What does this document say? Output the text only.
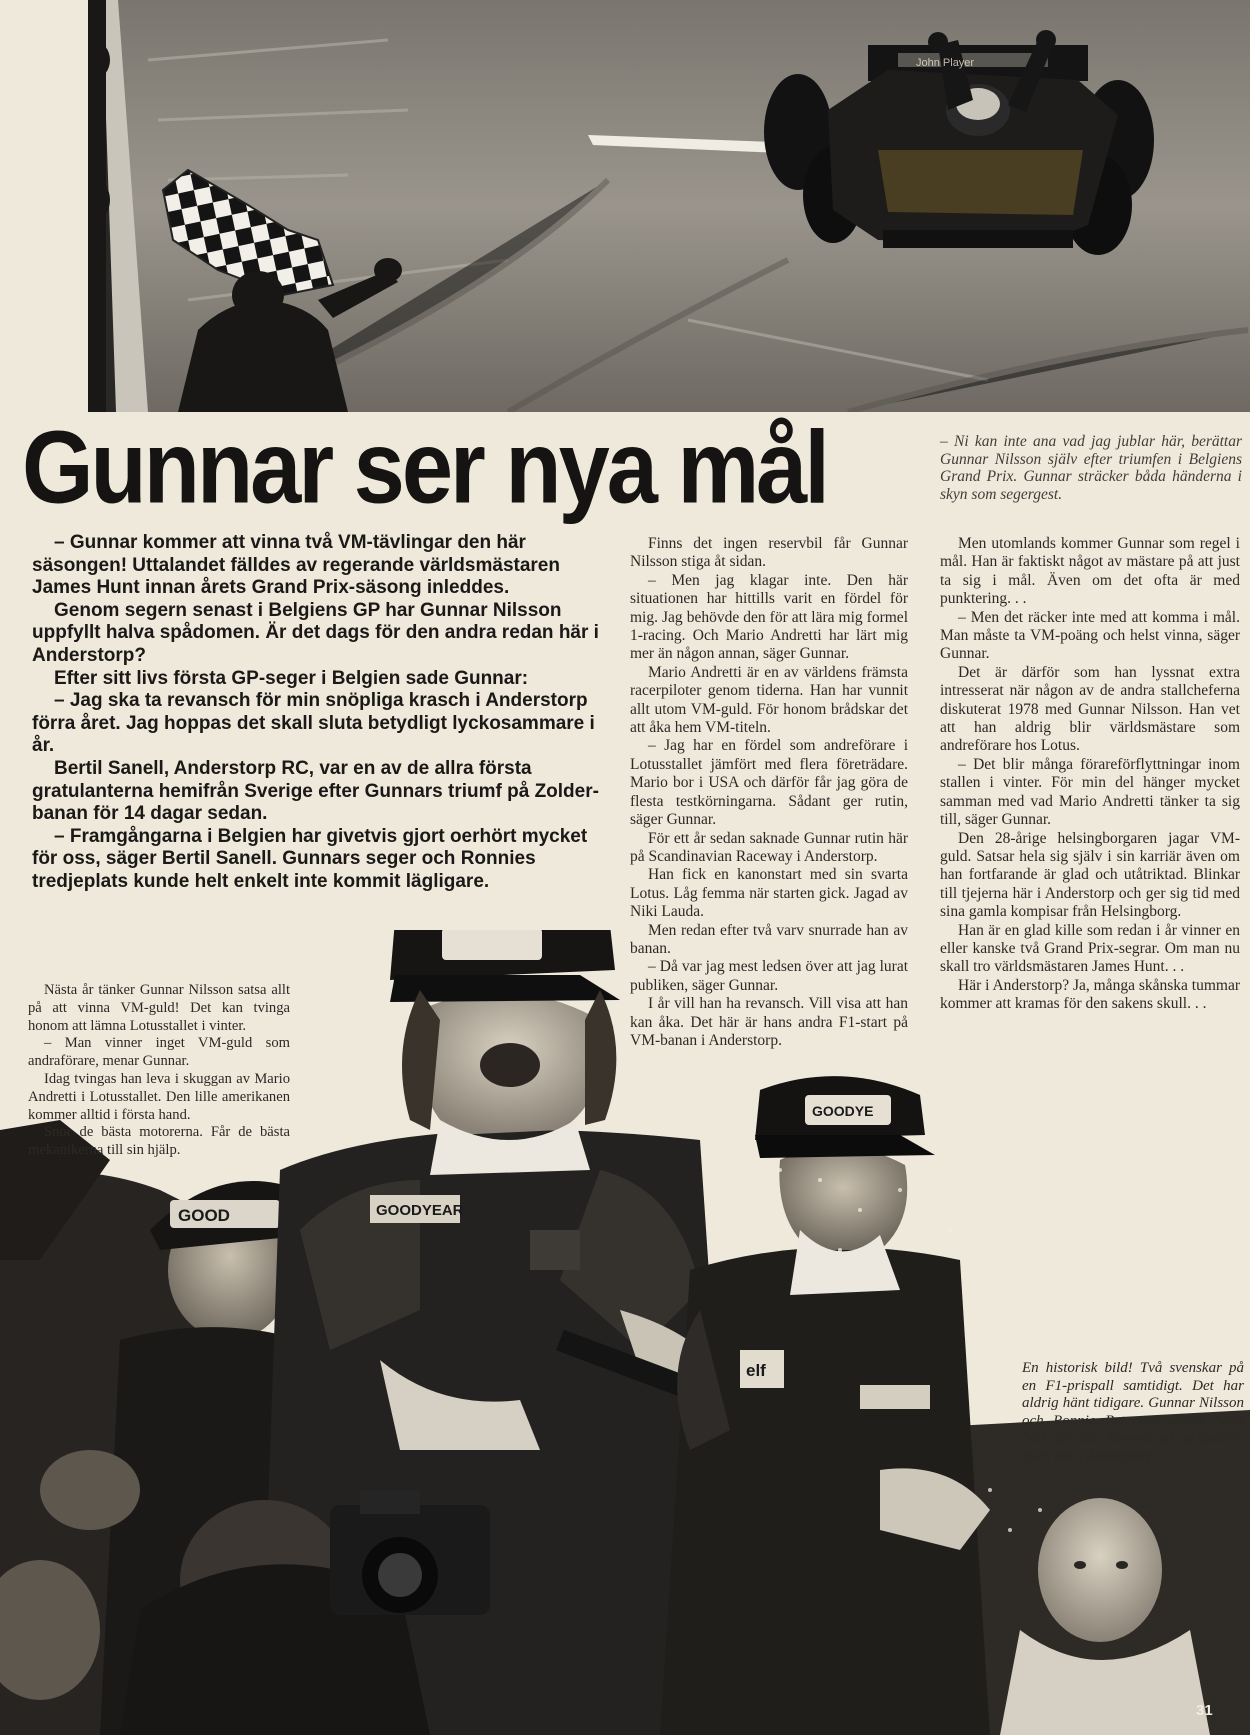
John Player
Gunnar ser nya mål	– Ni kan inte ana vad jag jublar här, berättar Gunnar Nilsson själv efter triumfen i Belgiens Grand Prix. Gunnar sträcker båda händerna i skyn som segergest.

GOOD	GOODYEAR
GOODYE
elf

– Gunnar kommer att vinna två VM-tävlingar den här säsongen! Uttalandet fälldes av regerande världsmästaren James Hunt innan årets Grand Prix-säsong inleddes.

Genom segern senast i Belgiens GP har Gunnar Nilsson uppfyllt halva spådomen. Är det dags för den andra redan här i Anderstorp?

Efter sitt livs första GP-seger i Belgien sade Gunnar:

– Jag ska ta revansch för min snöpliga krasch i Anderstorp förra året. Jag hoppas det skall sluta betydligt lyckosammare i år.

Bertil Sanell, Anderstorp RC, var en av de allra första gratulanterna hemifrån Sverige efter Gunnars triumf på Zolder-banan för 14 dagar sedan.

– Framgångarna i Belgien har givetvis gjort oerhört mycket för oss, säger Bertil Sanell. Gunnars seger och Ronnies tredjeplats kunde helt enkelt inte kommit lägligare.

Nästa år tänker Gunnar Nilsson satsa allt på att vinna VM-guld! Det kan tvinga honom att lämna Lotusstallet i vinter.

– Man vinner inget VM-guld som andraförare, menar Gunnar.

Idag tvingas han leva i skuggan av Mario Andretti i Lotusstallet. Den lille amerikanen kommer alltid i första hand.

Snor de bästa motorerna. Får de bästa mekanikerna till sin hjälp.

Finns det ingen reservbil får Gunnar Nilsson stiga åt sidan.

– Men jag klagar inte. Den här situationen har hittills varit en fördel för mig. Jag behövde den för att lära mig formel 1-racing. Och Mario Andretti har lärt mig mer än någon annan, säger Gunnar.

Mario Andretti är en av världens främsta racerpiloter genom tiderna. Han har vunnit allt utom VM-guld. För honom brådskar det att åka hem VM-titeln.

– Jag har en fördel som andreförare i Lotusstallet jämfört med flera företrädare. Mario bor i USA och därför får jag göra de flesta testkörningarna. Sådant ger rutin, säger Gunnar.

För ett år sedan saknade Gunnar rutin här på Scandinavian Raceway i Anderstorp.

Han fick en kanonstart med sin svarta Lotus. Låg femma när starten gick. Jagad av Niki Lauda.

Men redan efter två varv snurrade han av banan.

– Då var jag mest ledsen över att jag lurat publiken, säger Gunnar.

I år vill han ha revansch. Vill visa att han kan åka. Det här är hans andra F1-start på VM-banan i Anderstorp.

Men utomlands kommer Gunnar som regel i mål. Han är faktiskt något av mästare på att just ta sig i mål. Även om det ofta är med punktering. . .

– Men det räcker inte med att komma i mål. Man måste ta VM-poäng och helst vinna, säger Gunnar.

Det är därför som han lyssnat extra intresserat när någon av de andra stallcheferna diskuterat 1978 med Gunnar Nilsson. Han vet att han aldrig blir världsmästare som andreförare hos Lotus.

– Det blir många förareförflyttningar inom stallen i vinter. För min del hänger mycket samman med vad Mario Andretti tänker ta sig till, säger Gunnar.

Den 28-årige helsingborgaren jagar VM-guld. Satsar hela sig själv i sin karriär även om han fortfarande är glad och utåtriktad. Blinkar till tjejerna här i Anderstorp och ger sig tid med sina gamla kompisar från Helsingborg.

Han är en glad kille som redan i år vinner en eller kanske två Grand Prix-segrar. Om man nu skall tro världsmästaren James Hunt. . .

Här i Anderstorp? Ja, många skånska tummar kommer att kramas för den sakens skull. . .

En historisk bild! Två svenskar på en F1-prispall samtidigt. Det har aldrig hänt tidigare. Gunnar Nilsson och Ronnie Peterson satsar båda hårt för att komma på prispallen även här i Anderstorp.

31
